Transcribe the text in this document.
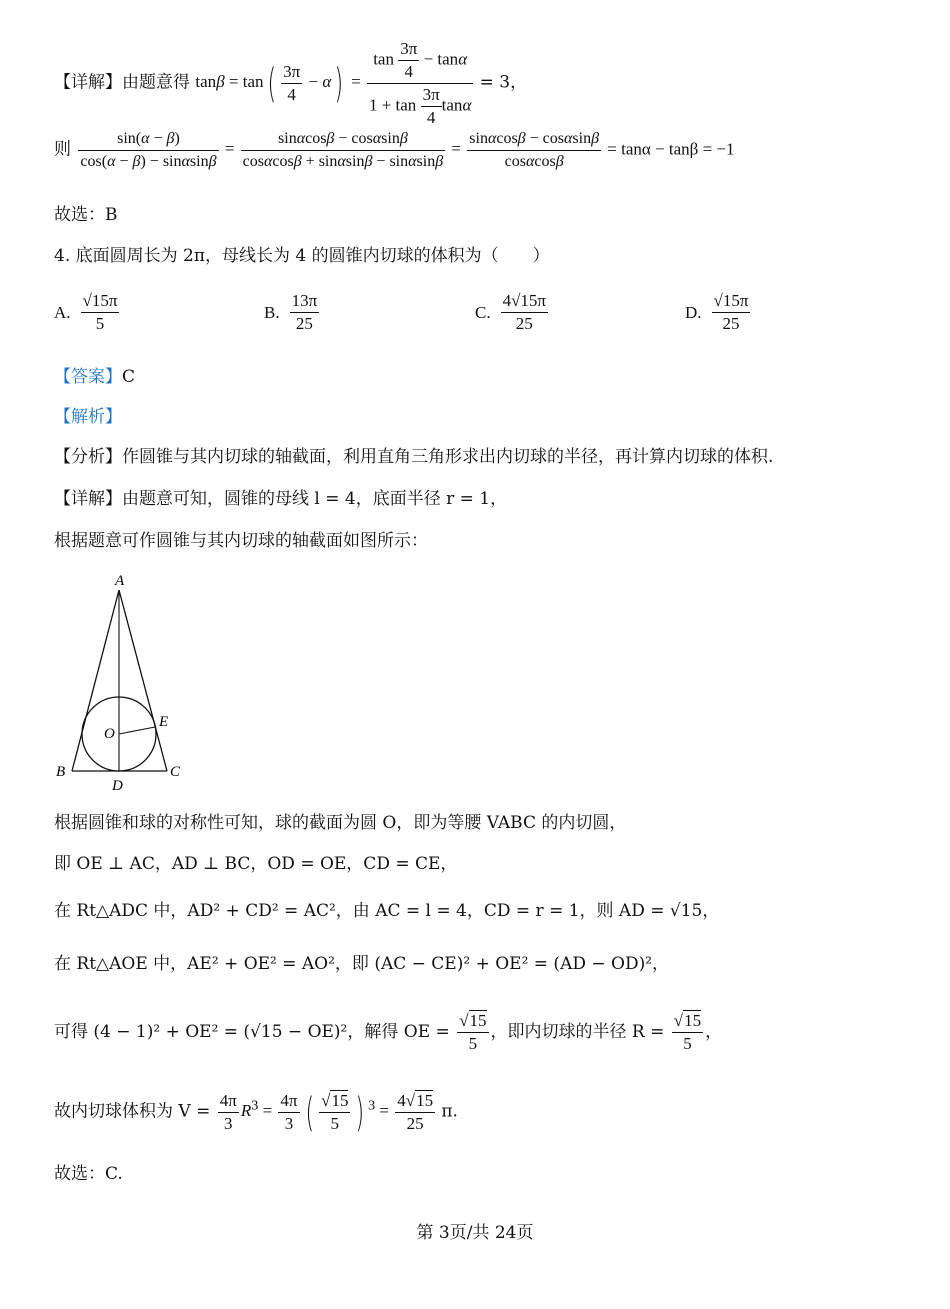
【详解】由题意得 $\tan\beta = \tan( \frac{3\pi}{4} - \alpha) = \frac{\tan \frac{3\pi}{4} - \tan\alpha}{1 + \tan \frac{3\pi}{4} \tan\alpha} = 3$，
则 $\frac{\sin(\alpha - \beta)}{\cos(\alpha - \beta) - \sin\alpha\sin\beta} = \frac{\sin\alpha\cos\beta - \cos\alpha\sin\beta}{\cos\alpha\cos\beta + \sin\alpha\sin\beta - \sin\alpha\sin\beta} = \frac{\sin\alpha\cos\beta - \cos\alpha\sin\beta}{\cos\alpha\cos\beta} = \tan\alpha - \tan\beta = -1$
故选：B
4. 底面圆周长为 2π，母线长为 4 的圆锥内切球的体积为（　　）
A. $\frac{√15\pi}{5}$	B. $\frac{13\pi}{25}$	C. $\frac{4√15\pi}{25}$	D. $\frac{√15\pi}{25}$
【答案】C
【解析】
【分析】作圆锥与其内切球的轴截面，利用直角三角形求出内切球的半径，再计算内切球的体积.
【详解】由题意可知，圆锥的母线 l = 4，底面半径 r = 1，
根据题意可作圆锥与其内切球的轴截面如图所示：
A
B	C
D
E
O
根据圆锥和球的对称性可知，球的截面为圆 O，即为等腰 VABC 的内切圆，
即 OE ⊥ AC，AD ⊥ BC，OD = OE，CD = CE，
在 Rt△ADC 中，AD² + CD² = AC²，由 AC = l = 4，CD = r = 1，则 AD = √15，
在 Rt△AOE 中，AE² + OE² = AO²，即 (AC − CE)² + OE² = (AD − OD)²，
可得 (4 − 1)² + OE² = (√15 − OE)²，解得 OE = $\frac{√15}{5}$ ，即内切球的半径 $R = \frac{√15}{5}$ ，
故内切球体积为 $V = \frac{4\pi}{3} R^3 = \frac{4\pi}{3}$ ( $\frac{√15}{5}$ ) $^3 = \frac{4√15}{25} \pi$.
故选：C.
第 3页/共 24页
